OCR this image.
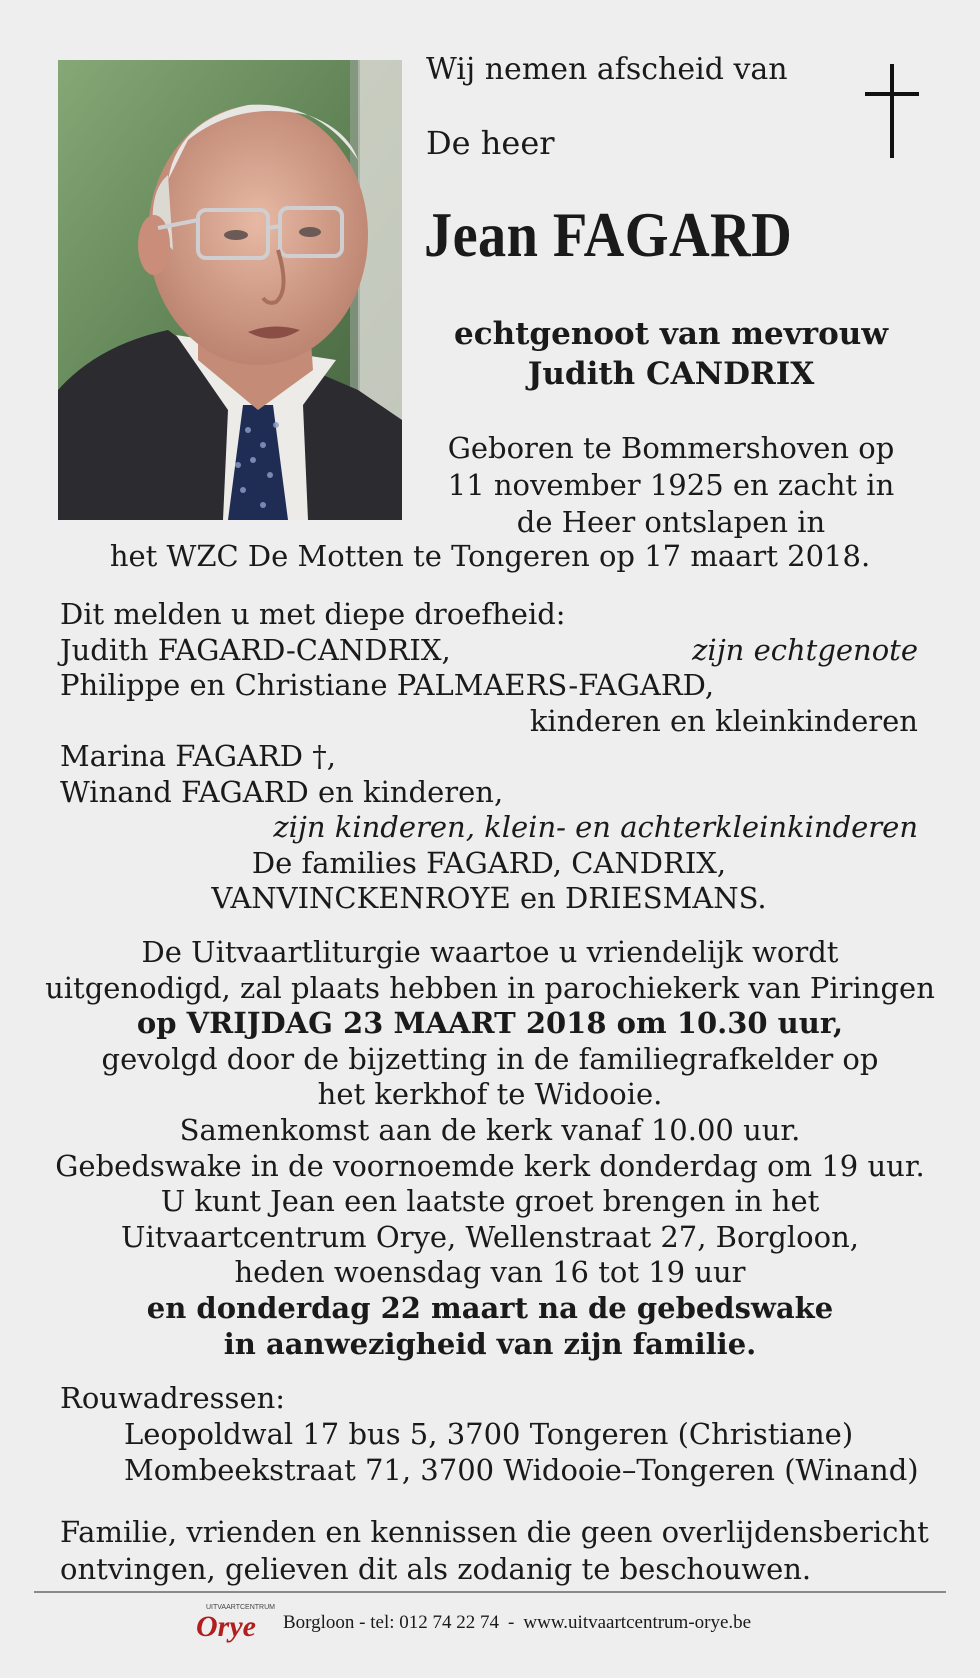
Wij nemen afscheid van
De heer
Jean FAGARD
echtgenoot van mevrouw
Judith CANDRIX
Geboren te Bommershoven op
11 november 1925 en zacht in
de Heer ontslapen in
het WZC De Motten te Tongeren op 17 maart 2018.
Dit melden u met diepe droefheid:
Judith FAGARD-CANDRIX,	zijn echtgenote
Philippe en Christiane PALMAERS-FAGARD,
kinderen en kleinkinderen
Marina FAGARD †,
Winand FAGARD en kinderen,
zijn kinderen, klein- en achterkleinkinderen
De families FAGARD, CANDRIX,
VANVINCKENROYE en DRIESMANS.
De Uitvaartliturgie waartoe u vriendelijk wordt
uitgenodigd, zal plaats hebben in parochiekerk van Piringen
op VRIJDAG 23 MAART 2018 om 10.30 uur,
gevolgd door de bijzetting in de familiegrafkelder op
het kerkhof te Widooie.
Samenkomst aan de kerk vanaf 10.00 uur.
Gebedswake in de voornoemde kerk donderdag om 19 uur.
U kunt Jean een laatste groet brengen in het
Uitvaartcentrum Orye, Wellenstraat 27, Borgloon,
heden woensdag van 16 tot 19 uur
en donderdag 22 maart na de gebedswake
in aanwezigheid van zijn familie.
Rouwadressen:
Leopoldwal 17 bus 5, 3700 Tongeren (Christiane)
Mombeekstraat 71, 3700 Widooie–Tongeren (Winand)
Familie, vrienden en kennissen die geen overlijdensbericht
ontvingen, gelieven dit als zodanig te beschouwen.
UITVAARTCENTRUM
Orye Borgloon - tel: 012 74 22 74 - www.uitvaartcentrum-orye.be
